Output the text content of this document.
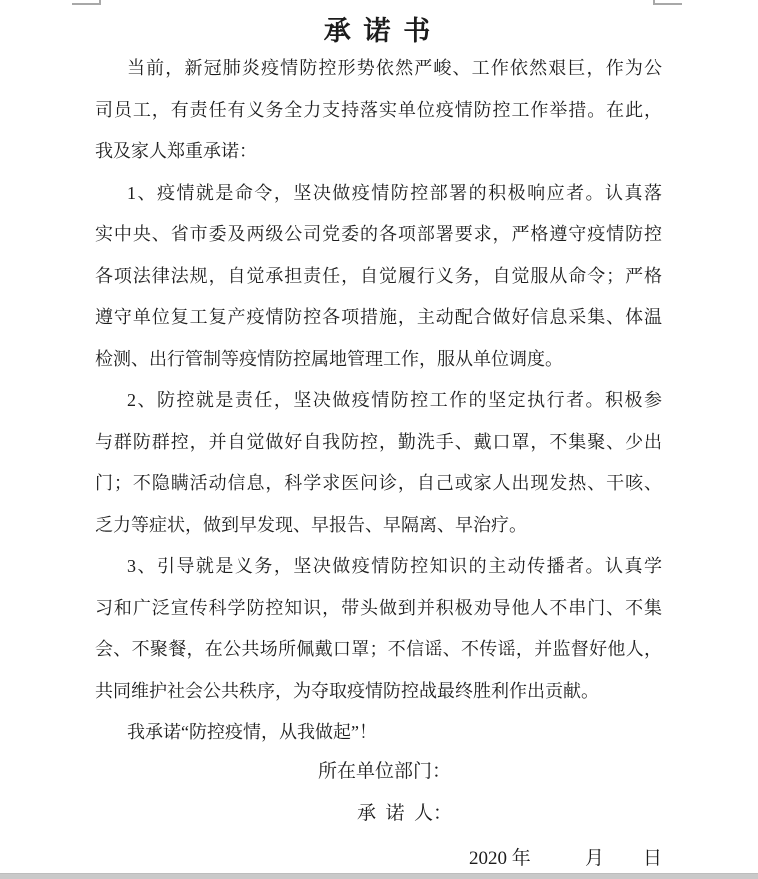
承 诺 书
当前，新冠肺炎疫情防控形势依然严峻、工作依然艰巨，作为公
司员工，有责任有义务全力支持落实单位疫情防控工作举措。在此，
我及家人郑重承诺：
1、疫情就是命令，坚决做疫情防控部署的积极响应者。认真落
实中央、省市委及两级公司党委的各项部署要求，严格遵守疫情防控
各项法律法规，自觉承担责任，自觉履行义务，自觉服从命令；严格
遵守单位复工复产疫情防控各项措施，主动配合做好信息采集、体温
检测、出行管制等疫情防控属地管理工作，服从单位调度。
2、防控就是责任，坚决做疫情防控工作的坚定执行者。积极参
与群防群控，并自觉做好自我防控，勤洗手、戴口罩，不集聚、少出
门；不隐瞒活动信息，科学求医问诊，自己或家人出现发热、干咳、
乏力等症状，做到早发现、早报告、早隔离、早治疗。
3、引导就是义务，坚决做疫情防控知识的主动传播者。认真学
习和广泛宣传科学防控知识，带头做到并积极劝导他人不串门、不集
会、不聚餐，在公共场所佩戴口罩；不信谣、不传谣，并监督好他人，
共同维护社会公共秩序，为夺取疫情防控战最终胜利作出贡献。
我承诺“防控疫情，从我做起”！
所在单位部门：
承  诺  人：
2020 年	月 日
